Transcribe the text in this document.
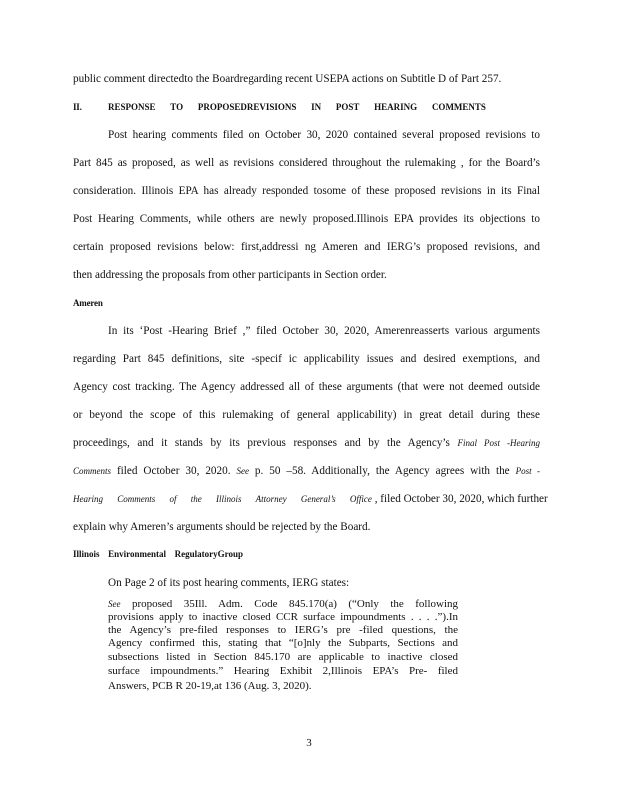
public comment directedto the Boardregarding recent USEPA actions on Subtitle D of Part 257.
II.	RESPONSE TO PROPOSEDREVISIONS IN POST HEARING COMMENTS
Post hearing comments filed on October 30, 2020 contained several proposed revisions to
Part 845 as proposed, as well as revisions considered throughout the rulemaking , for the Board’s
consideration. Illinois EPA has already responded tosome of these proposed revisions in its Final
Post Hearing Comments, while others are newly proposed.Illinois EPA provides its objections to
certain proposed revisions below: first,addressi ng Ameren and IERG’s proposed revisions, and
then addressing the proposals from other participants in Section order.
Ameren
In its ‘Post -Hearing Brief ,” filed October 30, 2020, Amerenreasserts various arguments
regarding Part 845 definitions, site -specif ic applicability issues and desired exemptions, and
Agency cost tracking. The Agency addressed all of these arguments (that were not deemed outside
or beyond the scope of this rulemaking of general applicability) in great detail during these
proceedings, and it stands by its previous responses and by the Agency’s Final Post -Hearing
Comments filed October 30, 2020. See p. 50 –58. Additionally, the Agency agrees with the Post -
Hearing Comments of the Illinois Attorney General’s Office , filed October 30, 2020, which further
explain why Ameren’s arguments should be rejected by the Board.
Illinois Environmental RegulatoryGroup
On Page 2 of its post hearing comments, IERG states:
See proposed 35Ill. Adm. Code 845.170(a) (“Only the following
provisions apply to inactive closed CCR surface impoundments . . . .”).In
the Agency’s pre-filed responses to IERG’s pre -filed questions, the
Agency confirmed this, stating that “[o]nly the Subparts, Sections and
subsections listed in Section 845.170 are applicable to inactive closed
surface impoundments.” Hearing Exhibit 2,Illinois EPA’s Pre- filed
Answers, PCB R 20-19,at 136 (Aug. 3, 2020).
3
